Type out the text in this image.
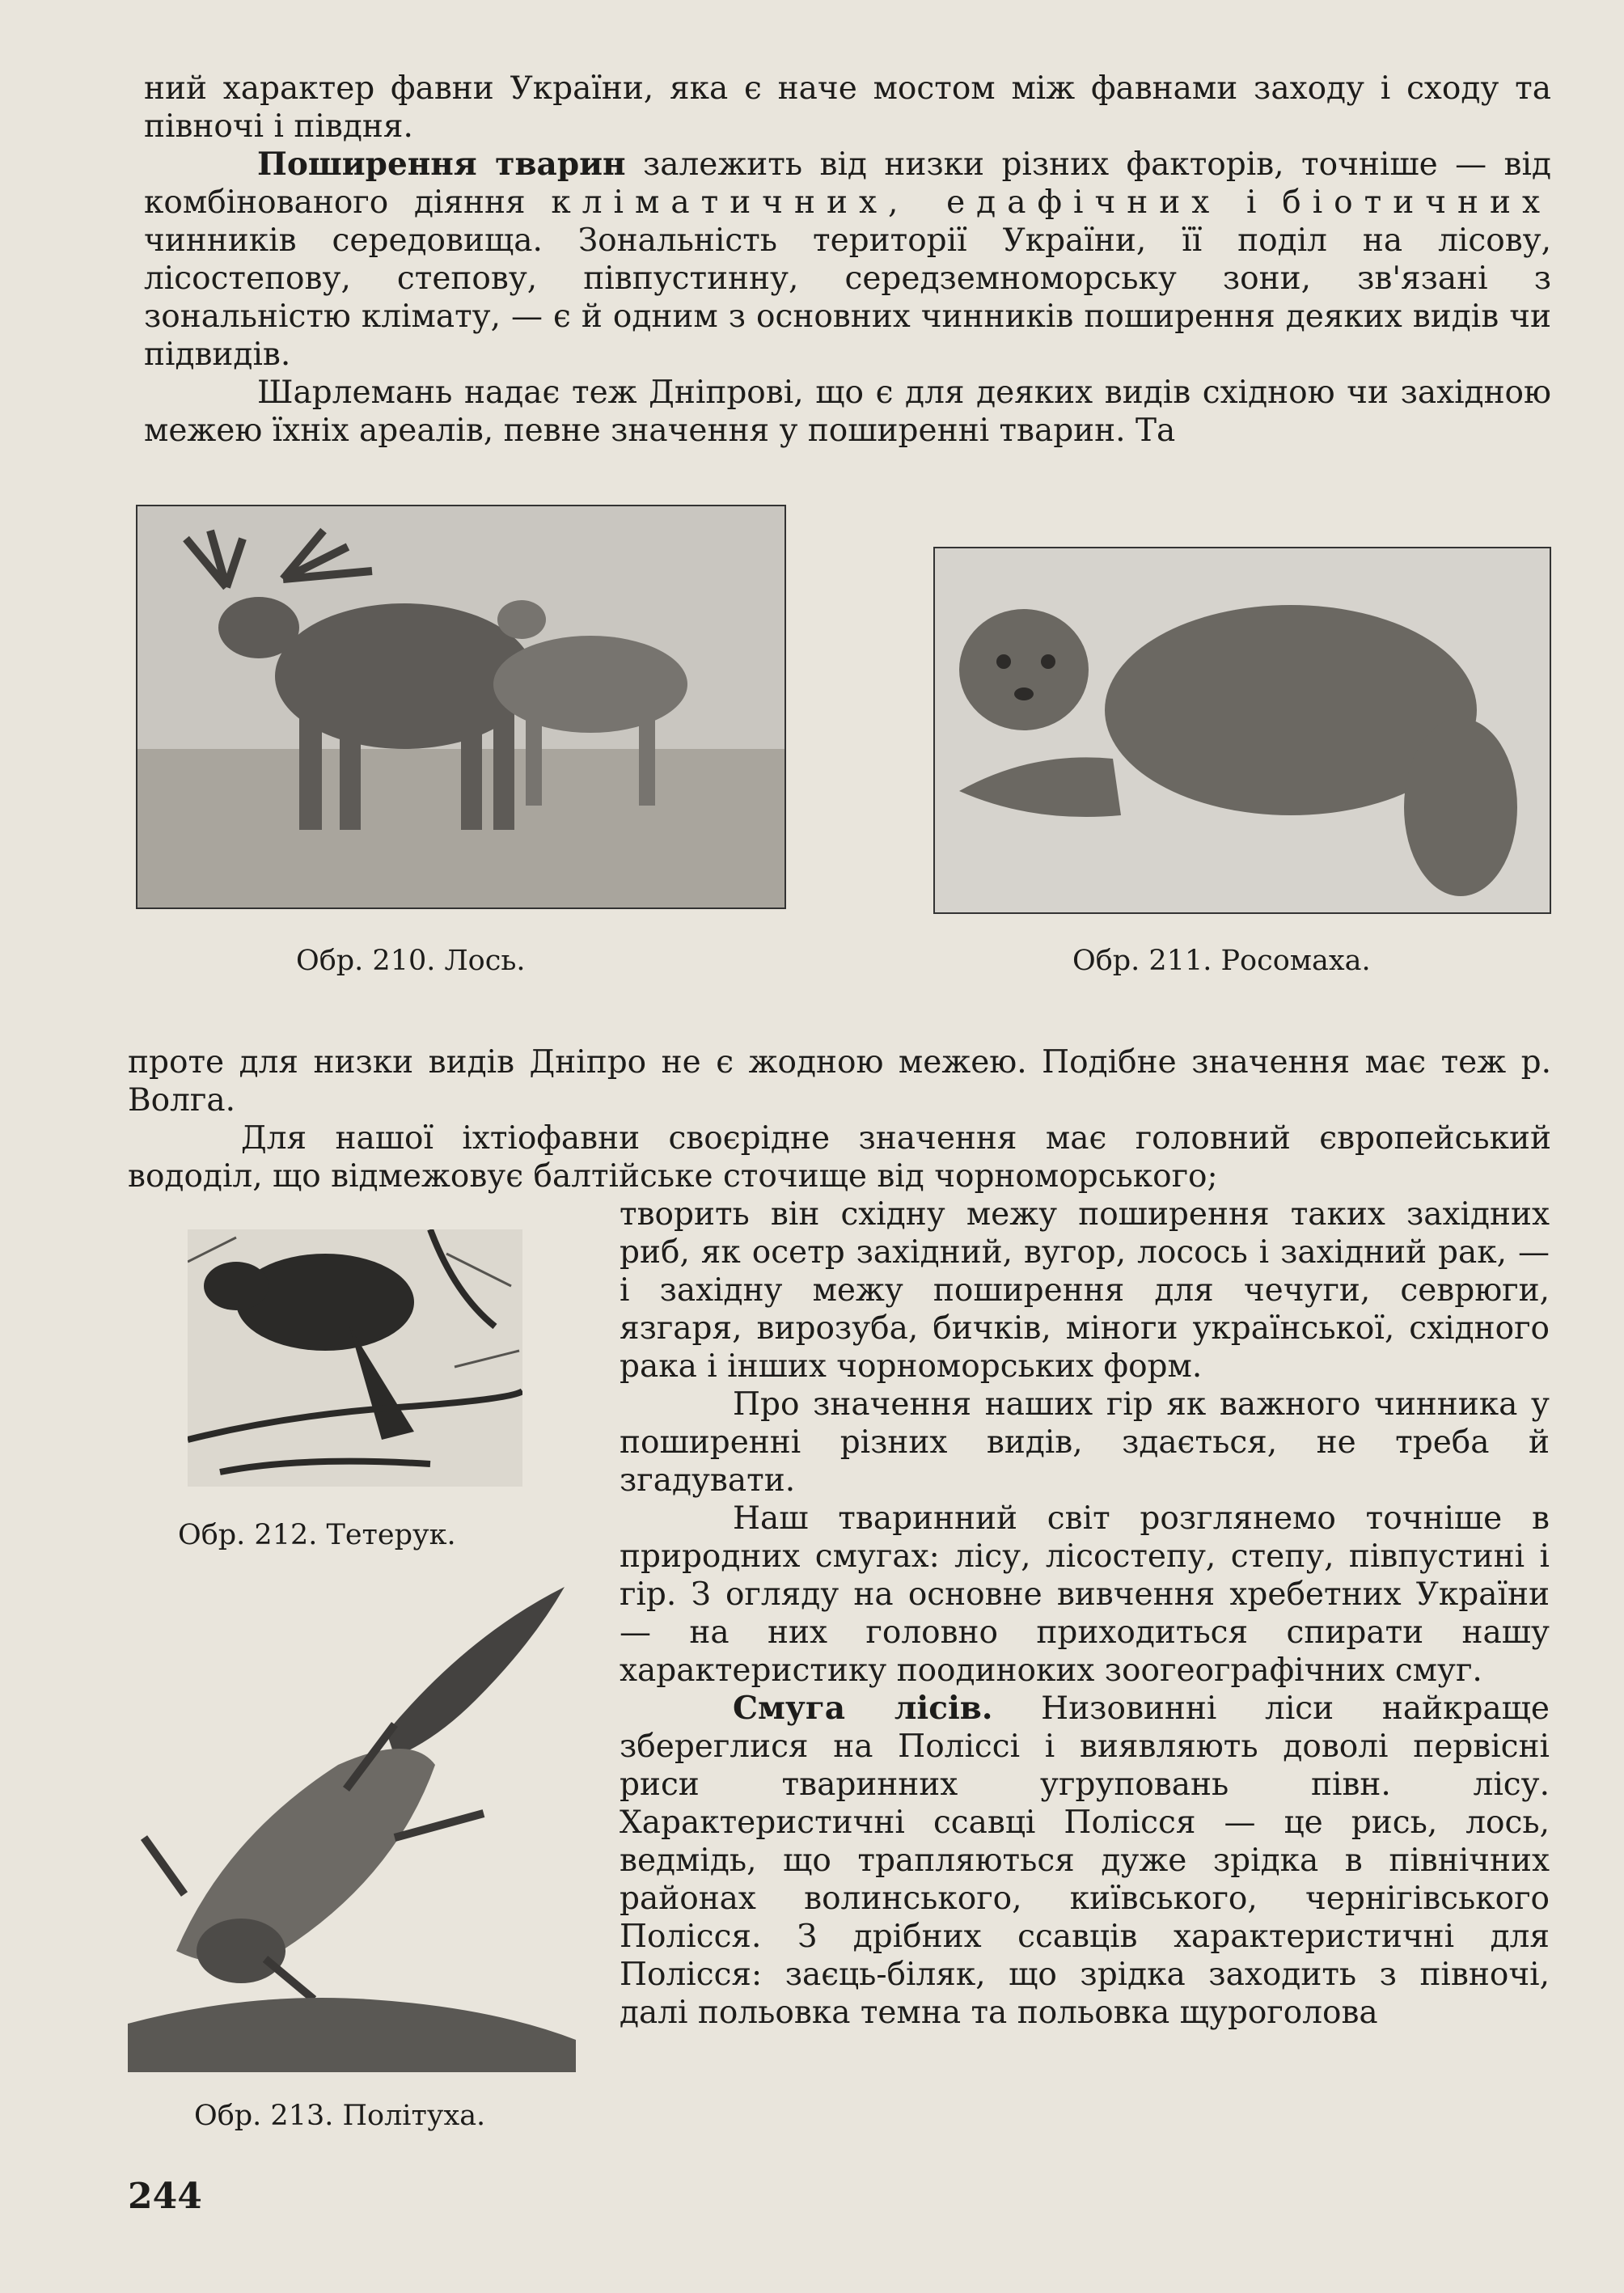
ний характер фавни України, яка є наче мостом між фавнами заходу і сходу та півночі і півдня.

Поширення тварин залежить від низки різних факторів, точніше — від комбінованого діяння кліматичних, едафічних і біотичних чинників середовища. Зональність території України, її поділ на лісову, лісостепову, степову, півпустинну, середземноморську зони, зв'язані з зональністю клімату, — є й одним з основних чинників поширення деяких видів чи підвидів.

Шарлемань надає теж Дніпрові, що є для деяких видів східною чи західною межею їхніх ареалів, певне значення у поширенні тварин. Та

Обр. 210. Лось.	Обр. 211. Росомаха.

проте для низки видів Дніпро не є жодною межею. Подібне значення має теж р. Волга.

Для нашої іхтіофавни своєрідне значення має головний європейський вододіл, що відмежовує балтійське сточище від чорноморського;

Обр. 212. Тетерук.
Обр. 213. Політуха.

творить він східну межу поширення таких західних риб, як осетр західний, вугор, лосось і західний рак, — і західну межу поширення для чечуги, севрюги, язгаря, вирозуба, бичків, міноги української, східного рака і інших чорноморських форм.

Про значення наших гір як важного чинника у поширенні різних видів, здається, не треба й згадувати.

Наш тваринний світ розглянемо точніше в природних смугах: лісу, лісостепу, степу, півпустині і гір. З огляду на основне вивчення хребетних України — на них головно приходиться спирати нашу характеристику поодиноких зоогеографічних смуг.

Смуга лісів. Низовинні ліси найкраще збереглися на Поліссі і виявляють доволі первісні риси тваринних угруповань півн. лісу. Характеристичні ссавці Полісся — це рись, лось, ведмідь, що трапляються дуже зрідка в північних районах волинського, київського, чернігівського Полісся. З дрібних ссавців характеристичні для Полісся: заєць-біляк, що зрідка заходить з півночі, далі польовка темна та польовка щуроголова

244
